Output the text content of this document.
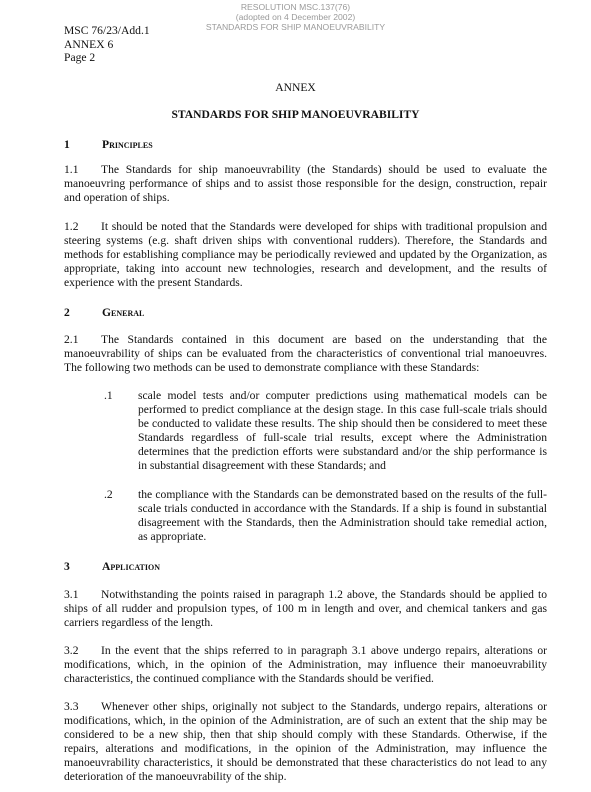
RESOLUTION MSC.137(76)
(adopted on 4 December 2002)
STANDARDS FOR SHIP MANOEUVRABILITY
MSC 76/23/Add.1
ANNEX 6
Page 2
ANNEX
STANDARDS FOR SHIP MANOEUVRABILITY
1	Principles
1.1 The Standards for ship manoeuvrability (the Standards) should be used to evaluate the manoeuvring performance of ships and to assist those responsible for the design, construction, repair and operation of ships.
1.2 It should be noted that the Standards were developed for ships with traditional propulsion and steering systems (e.g. shaft driven ships with conventional rudders). Therefore, the Standards and methods for establishing compliance may be periodically reviewed and updated by the Organization, as appropriate, taking into account new technologies, research and development, and the results of experience with the present Standards.
2	General
2.1 The Standards contained in this document are based on the understanding that the manoeuvrability of ships can be evaluated from the characteristics of conventional trial manoeuvres. The following two methods can be used to demonstrate compliance with these Standards:
.1 scale model tests and/or computer predictions using mathematical models can be performed to predict compliance at the design stage. In this case full-scale trials should be conducted to validate these results. The ship should then be considered to meet these Standards regardless of full-scale trial results, except where the Administration determines that the prediction efforts were substandard and/or the ship performance is in substantial disagreement with these Standards; and
.2 the compliance with the Standards can be demonstrated based on the results of the full-scale trials conducted in accordance with the Standards. If a ship is found in substantial disagreement with the Standards, then the Administration should take remedial action, as appropriate.
3	Application
3.1 Notwithstanding the points raised in paragraph 1.2 above, the Standards should be applied to ships of all rudder and propulsion types, of 100 m in length and over, and chemical tankers and gas carriers regardless of the length.
3.2 In the event that the ships referred to in paragraph 3.1 above undergo repairs, alterations or modifications, which, in the opinion of the Administration, may influence their manoeuvrability characteristics, the continued compliance with the Standards should be verified.
3.3 Whenever other ships, originally not subject to the Standards, undergo repairs, alterations or modifications, which, in the opinion of the Administration, are of such an extent that the ship may be considered to be a new ship, then that ship should comply with these Standards. Otherwise, if the repairs, alterations and modifications, in the opinion of the Administration, may influence the manoeuvrability characteristics, it should be demonstrated that these characteristics do not lead to any deterioration of the manoeuvrability of the ship.
